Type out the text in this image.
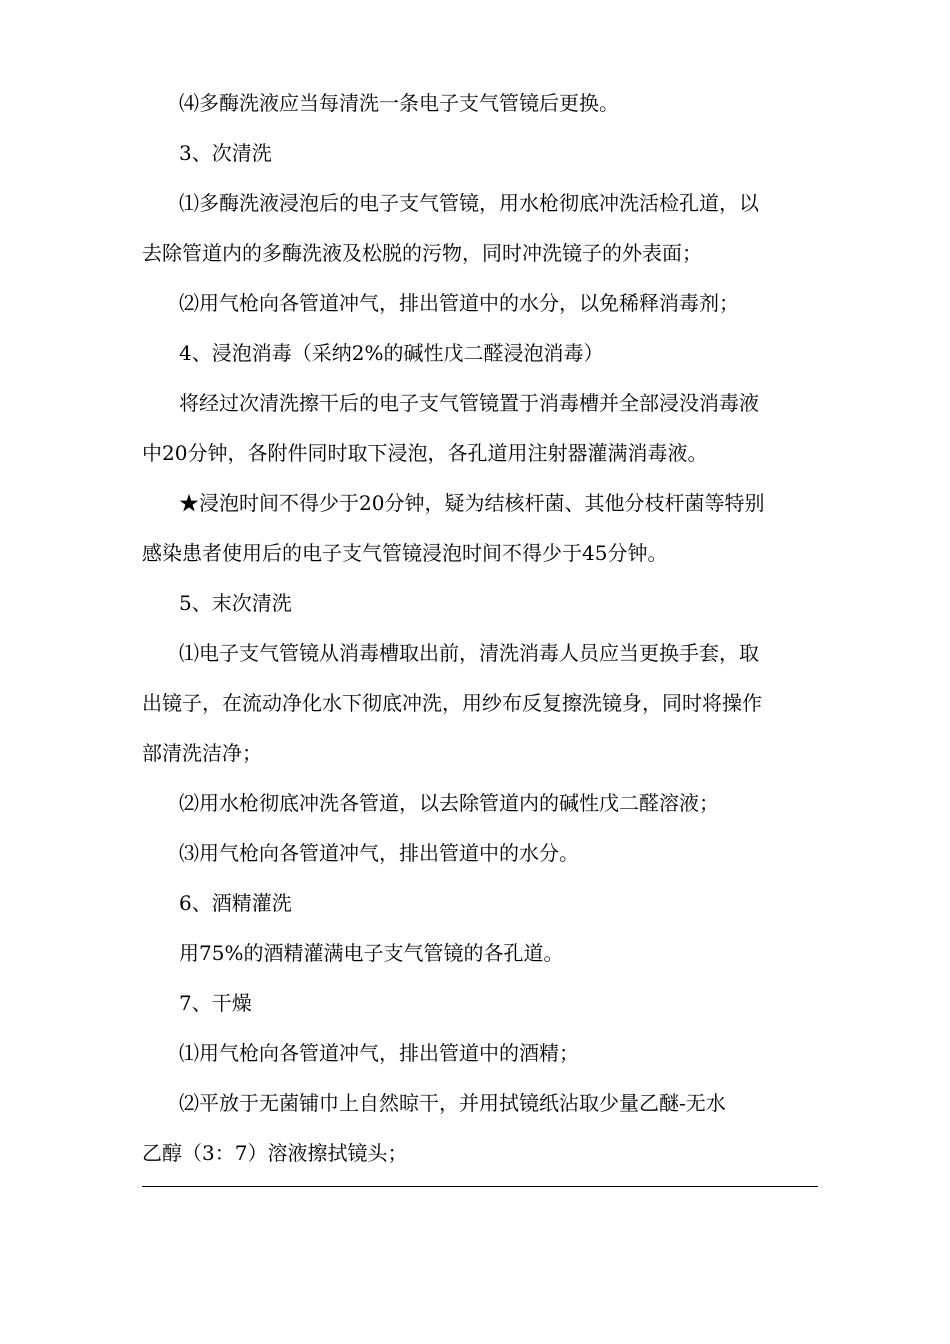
⑷多酶洗液应当每清洗一条电子支气管镜后更换。
3、次清洗
⑴多酶洗液浸泡后的电子支气管镜，用水枪彻底冲洗活检孔道，以
去除管道内的多酶洗液及松脱的污物，同时冲洗镜子的外表面；
⑵用气枪向各管道冲气，排出管道中的水分，以免稀释消毒剂；
4、浸泡消毒（采纳2%的碱性戊二醛浸泡消毒）
将经过次清洗擦干后的电子支气管镜置于消毒槽并全部浸没消毒液
中20分钟，各附件同时取下浸泡，各孔道用注射器灌满消毒液。
★浸泡时间不得少于20分钟，疑为结核杆菌、其他分枝杆菌等特别
感染患者使用后的电子支气管镜浸泡时间不得少于45分钟。
5、末次清洗
⑴电子支气管镜从消毒槽取出前，清洗消毒人员应当更换手套，取
出镜子，在流动净化水下彻底冲洗，用纱布反复擦洗镜身，同时将操作
部清洗洁净；
⑵用水枪彻底冲洗各管道，以去除管道内的碱性戊二醛溶液；
⑶用气枪向各管道冲气，排出管道中的水分。
6、酒精灌洗
用75%的酒精灌满电子支气管镜的各孔道。
7、干燥
⑴用气枪向各管道冲气，排出管道中的酒精；
⑵平放于无菌铺巾上自然晾干，并用拭镜纸沾取少量乙醚-无水
乙醇（3：7）溶液擦拭镜头；
